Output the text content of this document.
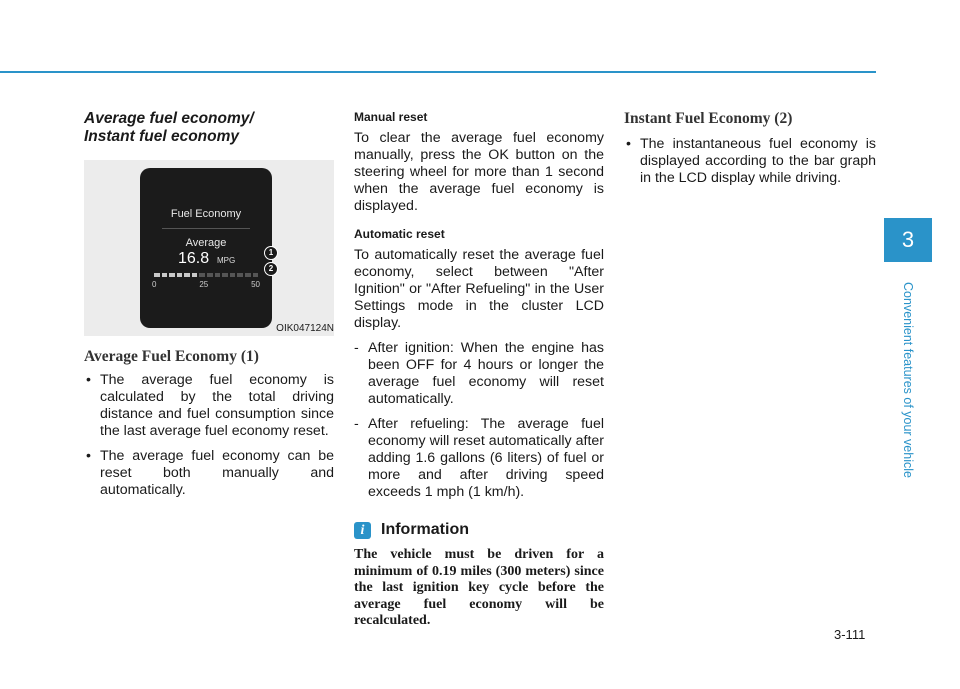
Average fuel economy/
Instant fuel economy
Fuel Economy
Average
16.8 MPG
0	25	50
1
2
OIK047124N
Average Fuel Economy (1)
• The average fuel economy is calculated by the total driving distance and fuel consumption since the last average fuel economy reset.
• The average fuel economy can be reset both manually and automatically.
Manual reset

To clear the average fuel economy manually, press the OK button on the steering wheel for more than 1 second when the average fuel economy is displayed.

Automatic reset

To automatically reset the average fuel economy, select between "After Ignition" or "After Refueling" in the User Settings mode in the cluster LCD display.

- After ignition: When the engine has been OFF for 4 hours or longer the average fuel economy will reset automatically.
- After refueling: The average fuel economy will reset automatically after adding 1.6 gallons (6 liters) of fuel or more and after driving speed exceeds 1 mph (1 km/h).
i	Information

The vehicle must be driven for a minimum of 0.19 miles (300 meters) since the last ignition key cycle before the average fuel economy will be recalculated.

Instant Fuel Economy (2)
• The instantaneous fuel economy is displayed according to the bar graph in the LCD display while driving.
3
Convenient features of your vehicle
3-111
